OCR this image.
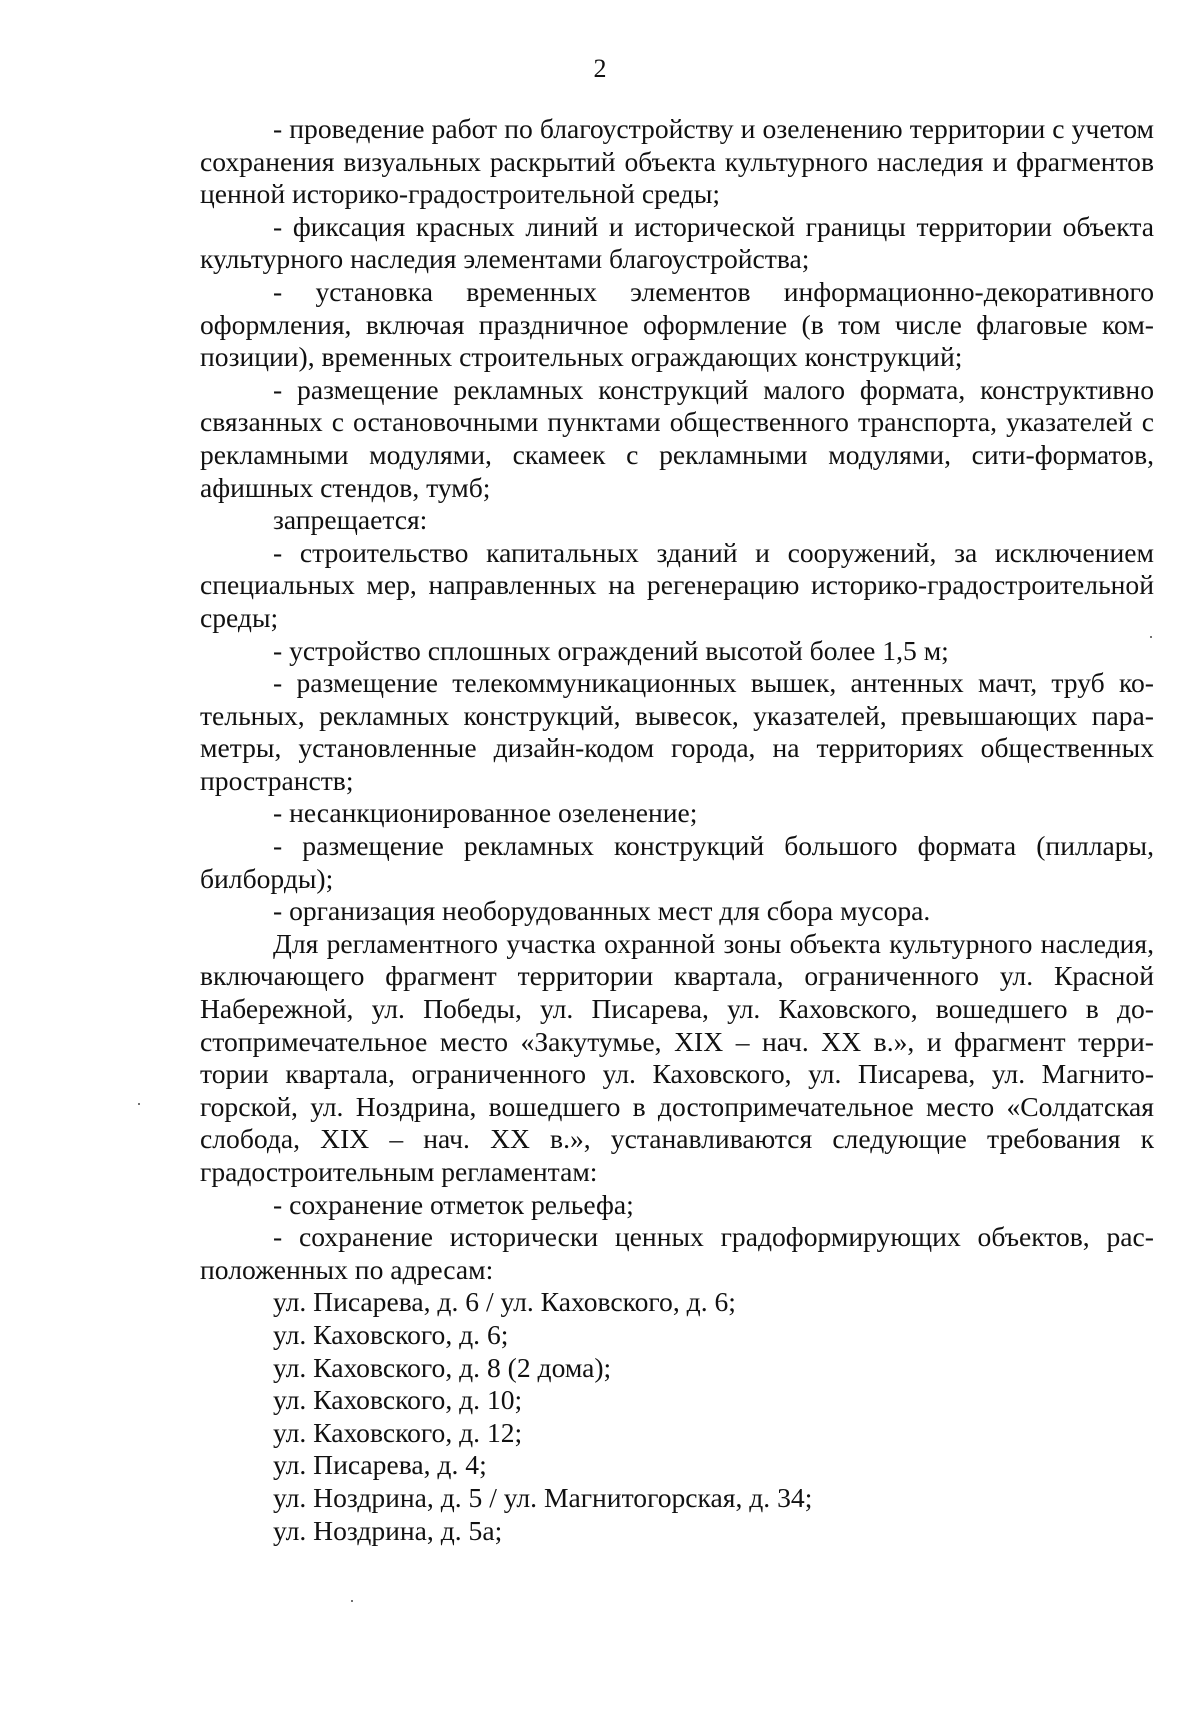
2

- проведение работ по благоустройству и озеленению территории с учетом сохранения визуальных раскрытий объекта культурного наследия и фрагментов ценной историко-градостроительной среды;

- фиксация красных линий и исторической границы территории объекта культурного наследия элементами благоустройства;

- установка временных элементов информационно-декоративного оформления, включая праздничное оформление (в том числе флаговые композиции), временных строительных ограждающих конструкций;

- размещение рекламных конструкций малого формата, конструктивно связанных с остановочными пунктами общественного транспорта, указателей с рекламными модулями, скамеек с рекламными модулями, сити-форматов, афишных стендов, тумб;

запрещается:

- строительство капитальных зданий и сооружений, за исключением специальных мер, направленных на регенерацию историко-градостроительной среды;

- устройство сплошных ограждений высотой более 1,5 м;

- размещение телекоммуникационных вышек, антенных мачт, труб котельных, рекламных конструкций, вывесок, указателей, превышающих параметры, установленные дизайн-кодом города, на территориях общественных пространств;

- несанкционированное озеленение;

- размещение рекламных конструкций большого формата (пиллары, билборды);

- организация необорудованных мест для сбора мусора.

Для регламентного участка охранной зоны объекта культурного наследия, включающего фрагмент территории квартала, ограниченного ул. Красной Набережной, ул. Победы, ул. Писарева, ул. Каховского, вошедшего в достопримечательное место «Закутумье, XIX – нач. XX в.», и фрагмент территории квартала, ограниченного ул. Каховского, ул. Писарева, ул. Магнитогорской, ул. Ноздрина, вошедшего в достопримечательное место «Солдатская слобода, XIX – нач. XX в.», устанавливаются следующие требования к градостроительным регламентам:

- сохранение отметок рельефа;

- сохранение исторически ценных градоформирующих объектов, расположенных по адресам:

ул. Писарева, д. 6 / ул. Каховского, д. 6;

ул. Каховского, д. 6;

ул. Каховского, д. 8 (2 дома);

ул. Каховского, д. 10;

ул. Каховского, д. 12;

ул. Писарева, д. 4;

ул. Ноздрина, д. 5 / ул. Магнитогорская, д. 34;

ул. Ноздрина, д. 5а;
